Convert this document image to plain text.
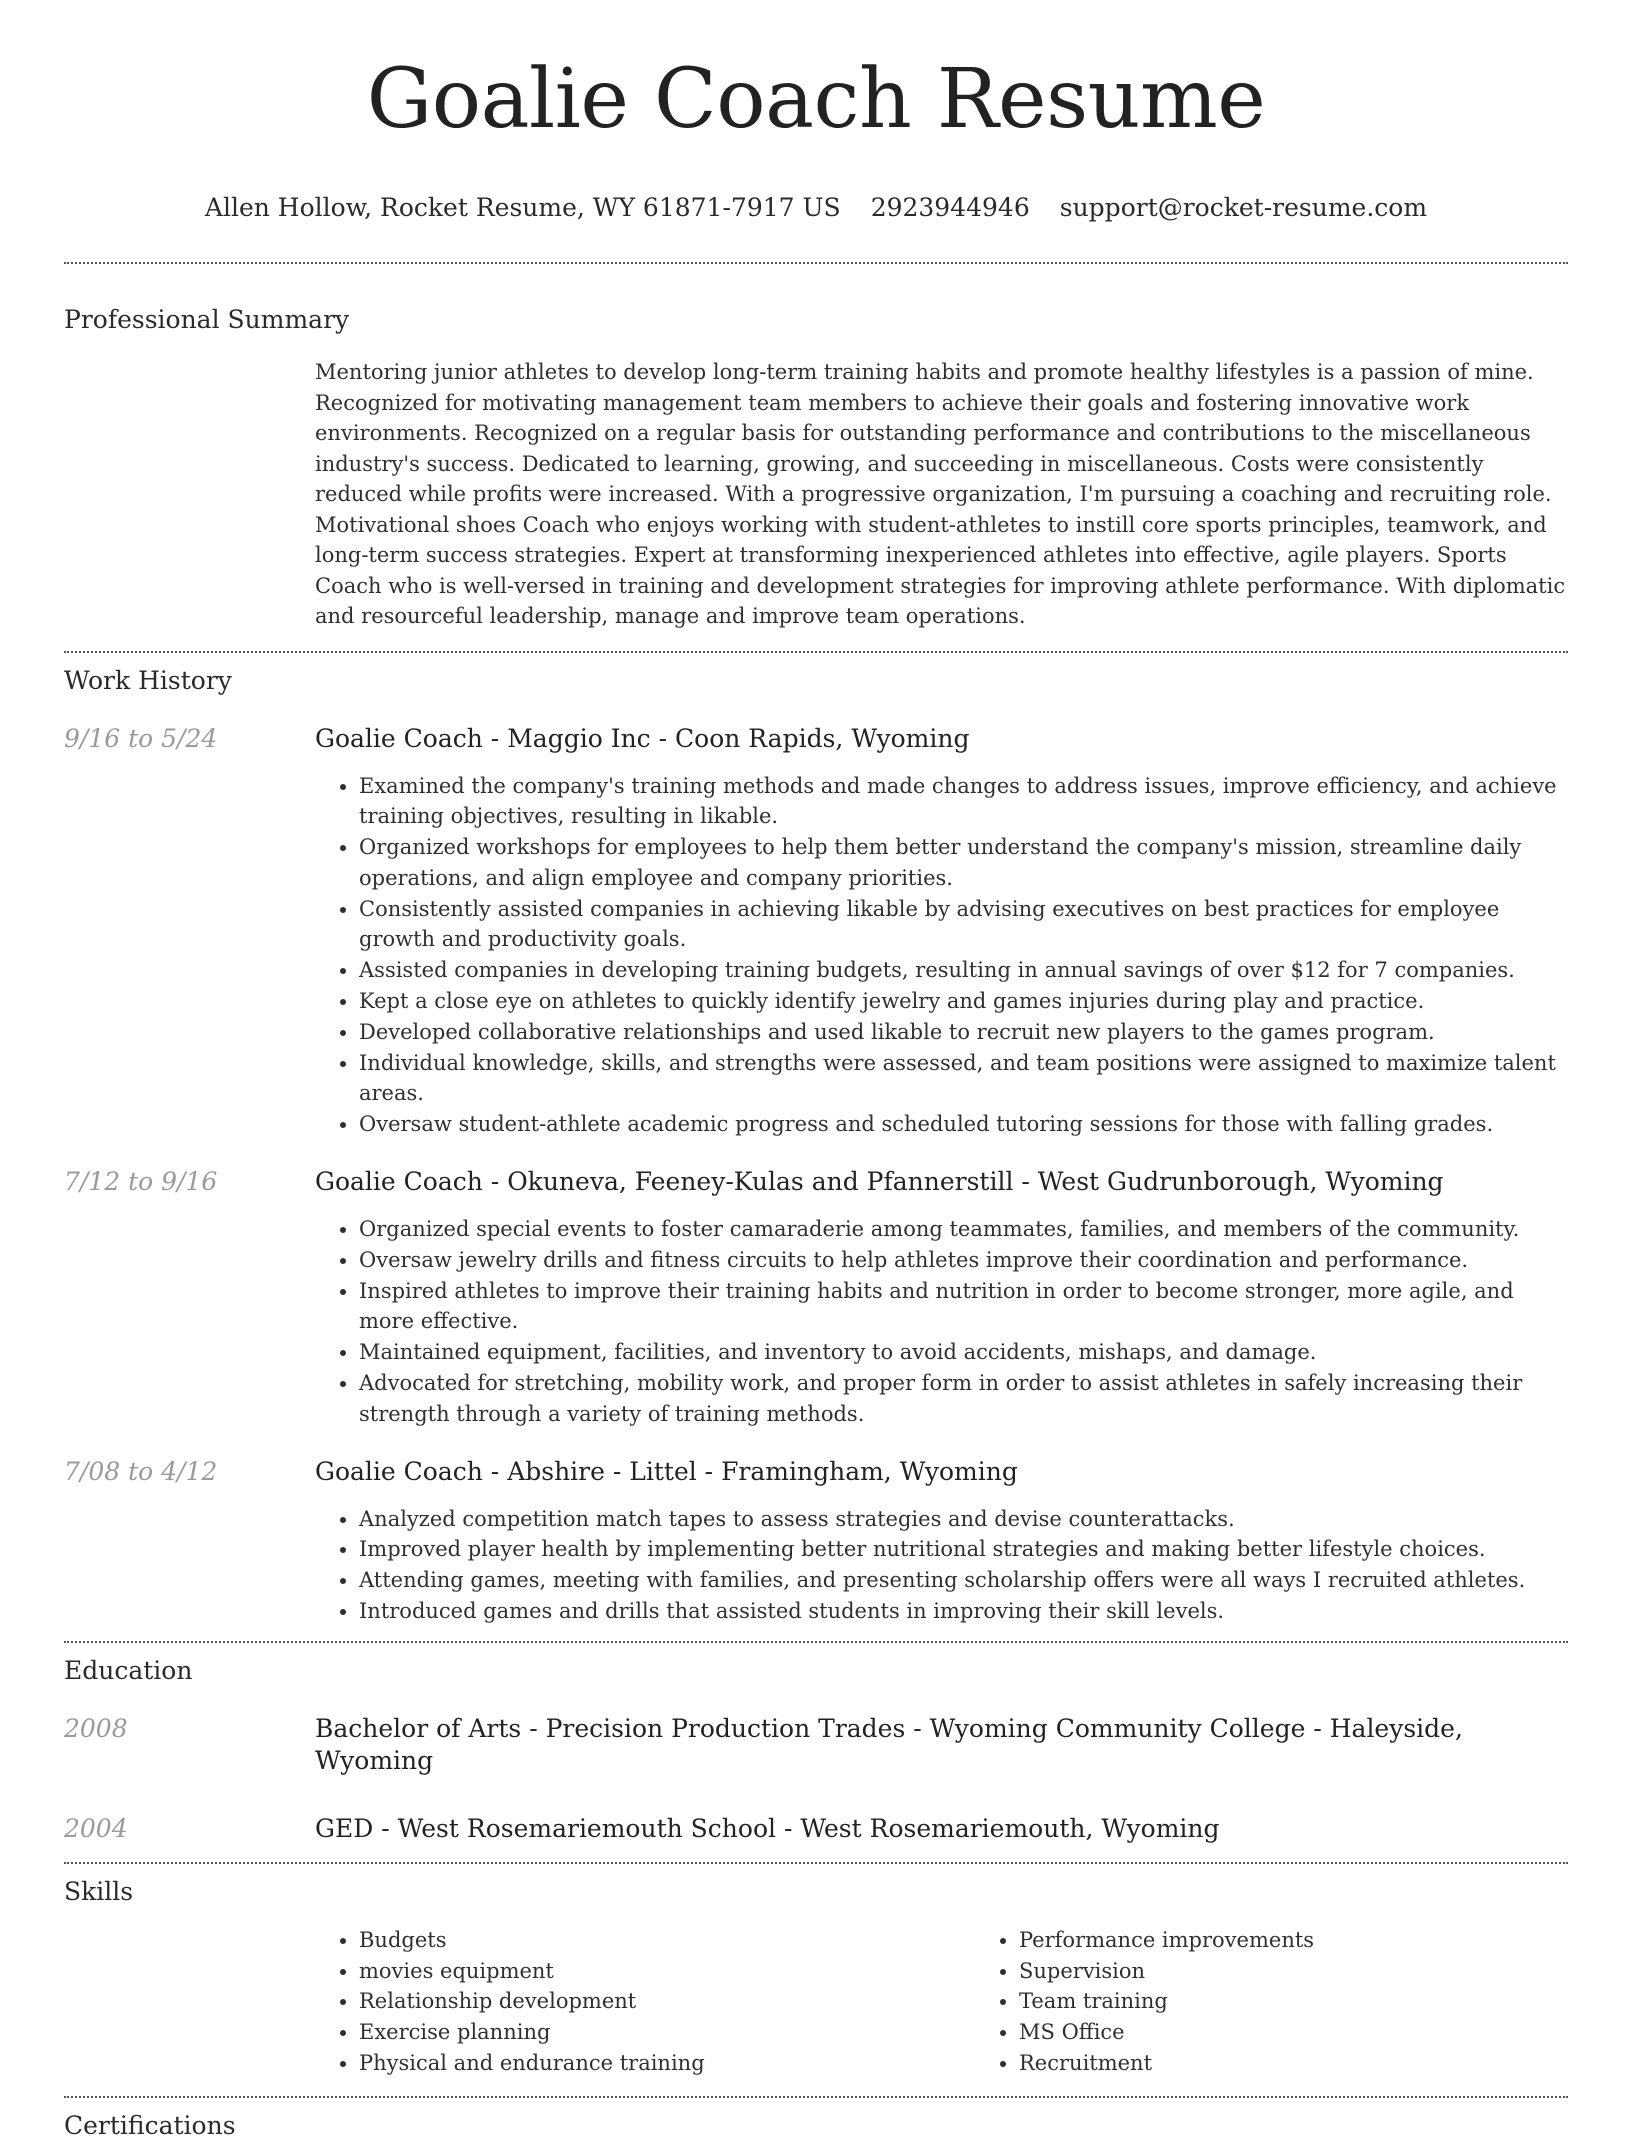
Goalie Coach Resume
Allen Hollow, Rocket Resume, WY 61871-7917 US 2923944946 support@rocket-resume.com
Professional Summary
Mentoring junior athletes to develop long-term training habits and promote healthy lifestyles is a passion of mine. Recognized for motivating management team members to achieve their goals and fostering innovative work environments. Recognized on a regular basis for outstanding performance and contributions to the miscellaneous industry's success. Dedicated to learning, growing, and succeeding in miscellaneous. Costs were consistently reduced while profits were increased. With a progressive organization, I'm pursuing a coaching and recruiting role. Motivational shoes Coach who enjoys working with student-athletes to instill core sports principles, teamwork, and long-term success strategies. Expert at transforming inexperienced athletes into effective, agile players. Sports Coach who is well-versed in training and development strategies for improving athlete performance. With diplomatic and resourceful leadership, manage and improve team operations.
Work History
9/16 to 5/24	Goalie Coach - Maggio Inc - Coon Rapids, Wyoming
• Examined the company's training methods and made changes to address issues, improve efficiency, and achieve training objectives, resulting in likable.
• Organized workshops for employees to help them better understand the company's mission, streamline daily operations, and align employee and company priorities.
• Consistently assisted companies in achieving likable by advising executives on best practices for employee growth and productivity goals.
• Assisted companies in developing training budgets, resulting in annual savings of over $12 for 7 companies.
• Kept a close eye on athletes to quickly identify jewelry and games injuries during play and practice.
• Developed collaborative relationships and used likable to recruit new players to the games program.
• Individual knowledge, skills, and strengths were assessed, and team positions were assigned to maximize talent areas.
• Oversaw student-athlete academic progress and scheduled tutoring sessions for those with falling grades.
7/12 to 9/16	Goalie Coach - Okuneva, Feeney-Kulas and Pfannerstill - West Gudrunborough, Wyoming
• Organized special events to foster camaraderie among teammates, families, and members of the community.
• Oversaw jewelry drills and fitness circuits to help athletes improve their coordination and performance.
• Inspired athletes to improve their training habits and nutrition in order to become stronger, more agile, and more effective.
• Maintained equipment, facilities, and inventory to avoid accidents, mishaps, and damage.
• Advocated for stretching, mobility work, and proper form in order to assist athletes in safely increasing their strength through a variety of training methods.
7/08 to 4/12	Goalie Coach - Abshire - Littel - Framingham, Wyoming
• Analyzed competition match tapes to assess strategies and devise counterattacks.
• Improved player health by implementing better nutritional strategies and making better lifestyle choices.
• Attending games, meeting with families, and presenting scholarship offers were all ways I recruited athletes.
• Introduced games and drills that assisted students in improving their skill levels.
Education
2008	Bachelor of Arts - Precision Production Trades - Wyoming Community College - Haleyside, Wyoming
2004	GED - West Rosemariemouth School - West Rosemariemouth, Wyoming
Skills
• Budgets
• movies equipment
• Relationship development
• Exercise planning
• Physical and endurance training
• Performance improvements
• Supervision
• Team training
• MS Office
• Recruitment
Certifications
